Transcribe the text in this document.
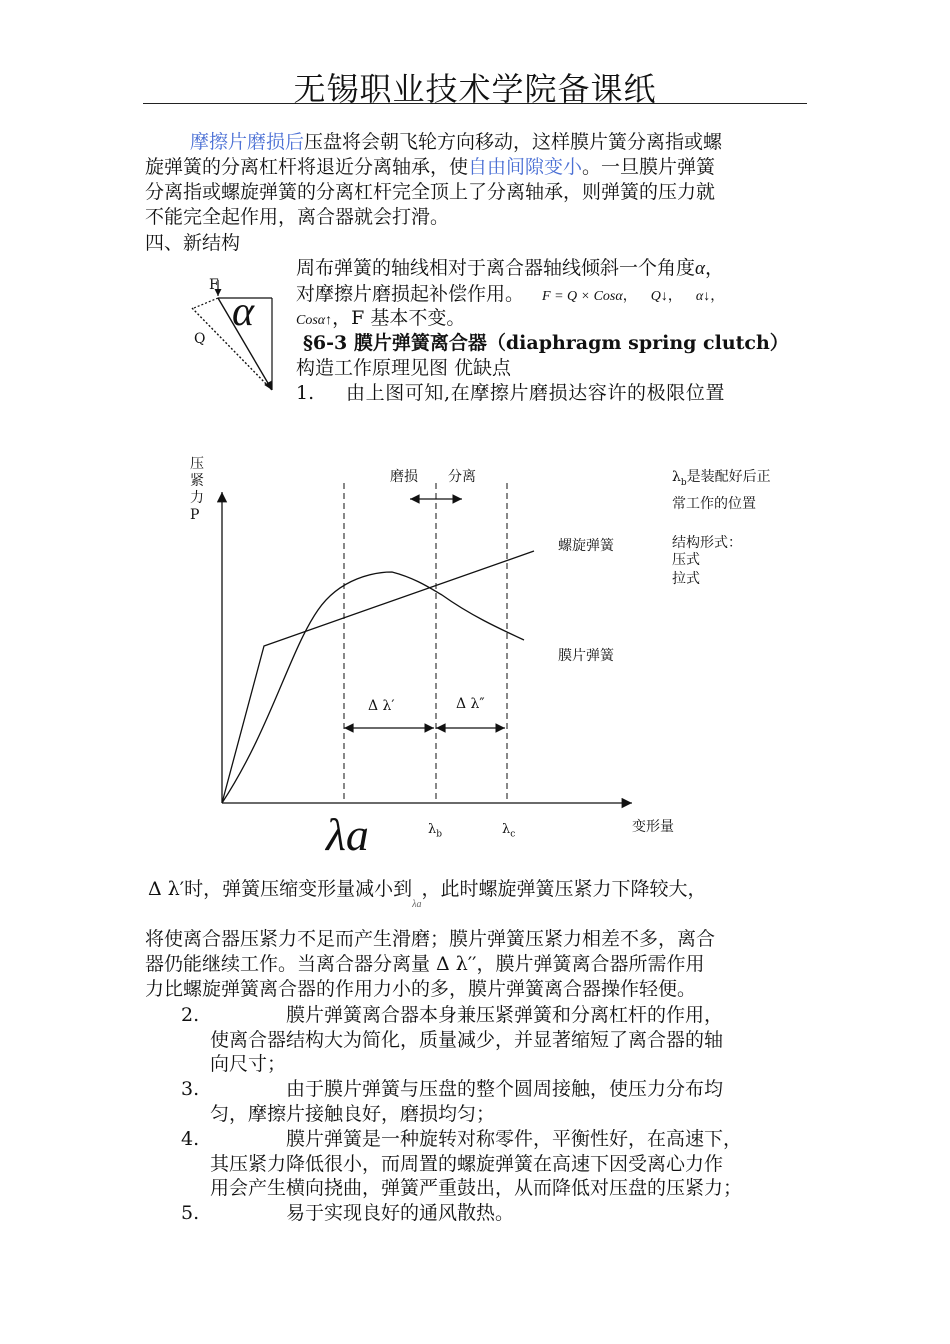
无锡职业技术学院备课纸
摩擦片磨损后压盘将会朝飞轮方向移动，这样膜片簧分离指或螺
旋弹簧的分离杠杆将退近分离轴承，使自由间隙变小。一旦膜片弹簧
分离指或螺旋弹簧的分离杠杆完全顶上了分离轴承，则弹簧的压力就
不能完全起作用，离合器就会打滑。
四、新结构
F
Q
α
周布弹簧的轴线相对于离合器轴线倾斜一个角度α，
对摩擦片磨损起补偿作用。 F = Q × Cosα， Q↓， α↓，
Cosα↑，F 基本不变。
§6-3 膜片弹簧离合器（diaphragm spring clutch）
构造工作原理见图 优缺点
1. 由上图可知,在摩擦片磨损达容许的极限位置
压
紧
力
P
磨损 分离
螺旋弹簧
膜片弹簧
Δ λ′	Δ λ″
变形量
λa	$\lambda_b$	$\lambda_c$
$\lambda_b$是装配好后正
常工作的位置
结构形式：
压式
拉式
Δ λ′时，弹簧压缩变形量减小到$_{\lambda a}$，此时螺旋弹簧压紧力下降较大，
将使离合器压紧力不足而产生滑磨；膜片弹簧压紧力相差不多，离合
器仍能继续工作。当离合器分离量 Δ λ′′，膜片弹簧离合器所需作用
力比螺旋弹簧离合器的作用力小的多，膜片弹簧离合器操作轻便。
2.	膜片弹簧离合器本身兼压紧弹簧和分离杠杆的作用，
使离合器结构大为简化，质量减少，并显著缩短了离合器的轴
向尺寸；
3.	由于膜片弹簧与压盘的整个圆周接触，使压力分布均
匀，摩擦片接触良好，磨损均匀；
4.	膜片弹簧是一种旋转对称零件，平衡性好，在高速下，
其压紧力降低很小，而周置的螺旋弹簧在高速下因受离心力作
用会产生横向挠曲，弹簧严重鼓出，从而降低对压盘的压紧力；
5.	易于实现良好的通风散热。
